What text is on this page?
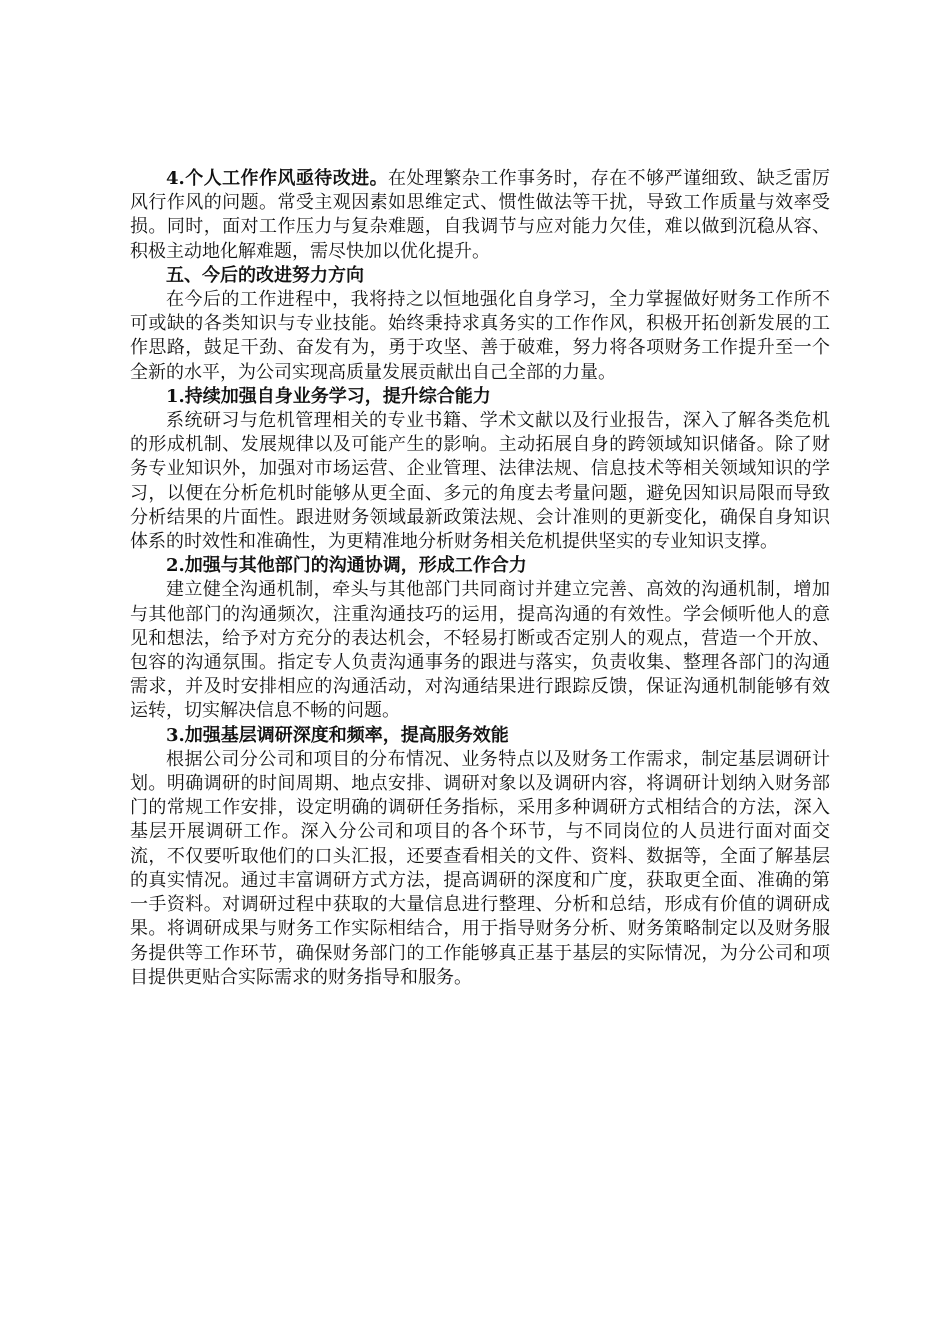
4.个人工作作风亟待改进。在处理繁杂工作事务时，存在不够严谨细致、缺乏雷厉风行作风的问题。常受主观因素如思维定式、惯性做法等干扰，导致工作质量与效率受损。同时，面对工作压力与复杂难题，自我调节与应对能力欠佳，难以做到沉稳从容、积极主动地化解难题，需尽快加以优化提升。

五、今后的改进努力方向

在今后的工作进程中，我将持之以恒地强化自身学习，全力掌握做好财务工作所不可或缺的各类知识与专业技能。始终秉持求真务实的工作作风，积极开拓创新发展的工作思路，鼓足干劲、奋发有为，勇于攻坚、善于破难，努力将各项财务工作提升至一个全新的水平，为公司实现高质量发展贡献出自己全部的力量。

1.持续加强自身业务学习，提升综合能力

系统研习与危机管理相关的专业书籍、学术文献以及行业报告，深入了解各类危机的形成机制、发展规律以及可能产生的影响。主动拓展自身的跨领域知识储备。除了财务专业知识外，加强对市场运营、企业管理、法律法规、信息技术等相关领域知识的学习，以便在分析危机时能够从更全面、多元的角度去考量问题，避免因知识局限而导致分析结果的片面性。跟进财务领域最新政策法规、会计准则的更新变化，确保自身知识体系的时效性和准确性，为更精准地分析财务相关危机提供坚实的专业知识支撑。

2.加强与其他部门的沟通协调，形成工作合力

建立健全沟通机制，牵头与其他部门共同商讨并建立完善、高效的沟通机制，增加与其他部门的沟通频次，注重沟通技巧的运用，提高沟通的有效性。学会倾听他人的意见和想法，给予对方充分的表达机会，不轻易打断或否定别人的观点，营造一个开放、包容的沟通氛围。指定专人负责沟通事务的跟进与落实，负责收集、整理各部门的沟通需求，并及时安排相应的沟通活动，对沟通结果进行跟踪反馈，保证沟通机制能够有效运转，切实解决信息不畅的问题。

3.加强基层调研深度和频率，提高服务效能

根据公司分公司和项目的分布情况、业务特点以及财务工作需求，制定基层调研计划。明确调研的时间周期、地点安排、调研对象以及调研内容，将调研计划纳入财务部门的常规工作安排，设定明确的调研任务指标，采用多种调研方式相结合的方法，深入基层开展调研工作。深入分公司和项目的各个环节，与不同岗位的人员进行面对面交流，不仅要听取他们的口头汇报，还要查看相关的文件、资料、数据等，全面了解基层的真实情况。通过丰富调研方式方法，提高调研的深度和广度，获取更全面、准确的第一手资料。对调研过程中获取的大量信息进行整理、分析和总结，形成有价值的调研成果。将调研成果与财务工作实际相结合，用于指导财务分析、财务策略制定以及财务服务提供等工作环节，确保财务部门的工作能够真正基于基层的实际情况，为分公司和项目提供更贴合实际需求的财务指导和服务。
